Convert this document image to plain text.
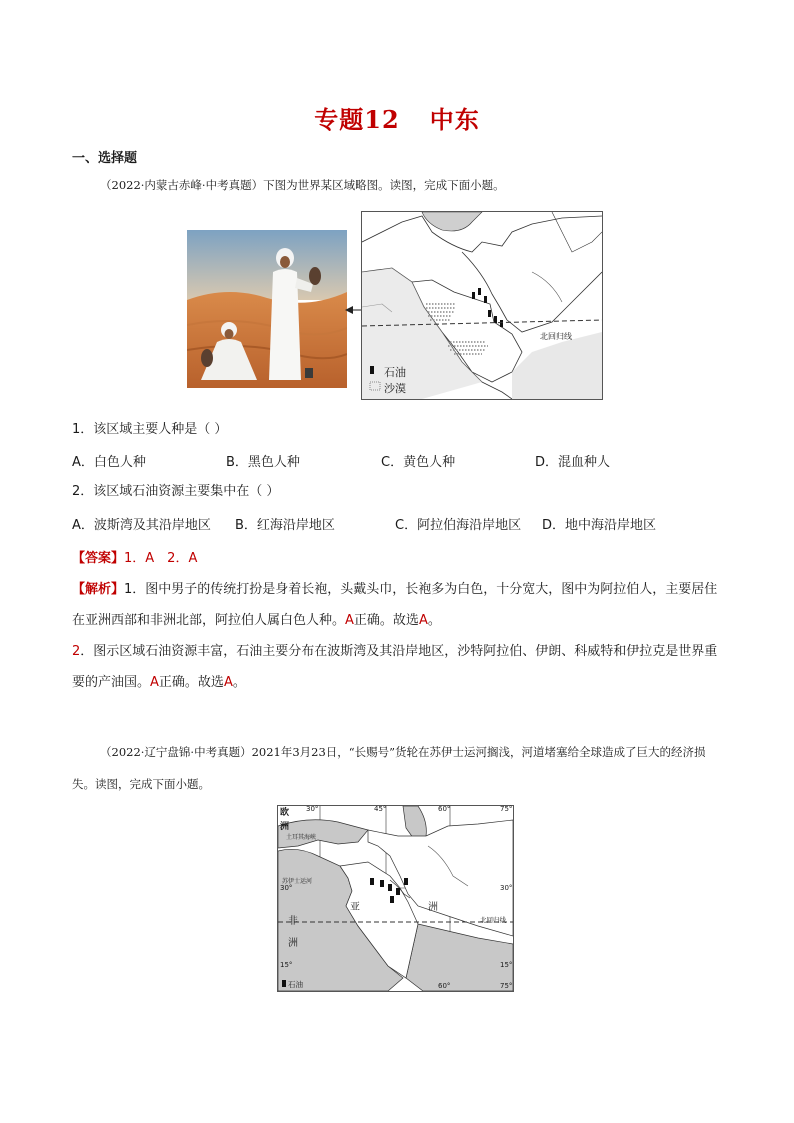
专题12 中东
一、选择题
（2022·内蒙古赤峰·中考真题）下图为世界某区域略图。读图，完成下面小题。
北回归线
石油
沙漠
1．该区域主要人种是（ ）
A．白色人种	B．黑色人种	C．黄色人种	D．混血种人
2．该区域石油资源主要集中在（ ）
A．波斯湾及其沿岸地区 B．红海沿岸地区	C．阿拉伯海沿岸地区 D．地中海沿岸地区
【答案】1．A　2．A
【解析】1．图中男子的传统打扮是身着长袍，头戴头巾，长袍多为白色，十分宽大，图中为阿拉伯人，主要居住在亚洲西部和非洲北部，阿拉伯人属白色人种。A正确。故选A。
2．图示区域石油资源丰富，石油主要分布在波斯湾及其沿岸地区，沙特阿拉伯、伊朗、科威特和伊拉克是世界重要的产油国。A正确。故选A。
（2022·辽宁盘锦·中考真题）2021年3月23日，“长赐号”货轮在苏伊士运河搁浅，河道堵塞给全球造成了巨大的经济损失。读图，完成下面小题。
欧
洲
土耳其海峡
苏伊士运河
非
洲
亚	洲
北回归线
石油
30°	45°	60°	75°
30°	30°
15°	15°
60°	75°
